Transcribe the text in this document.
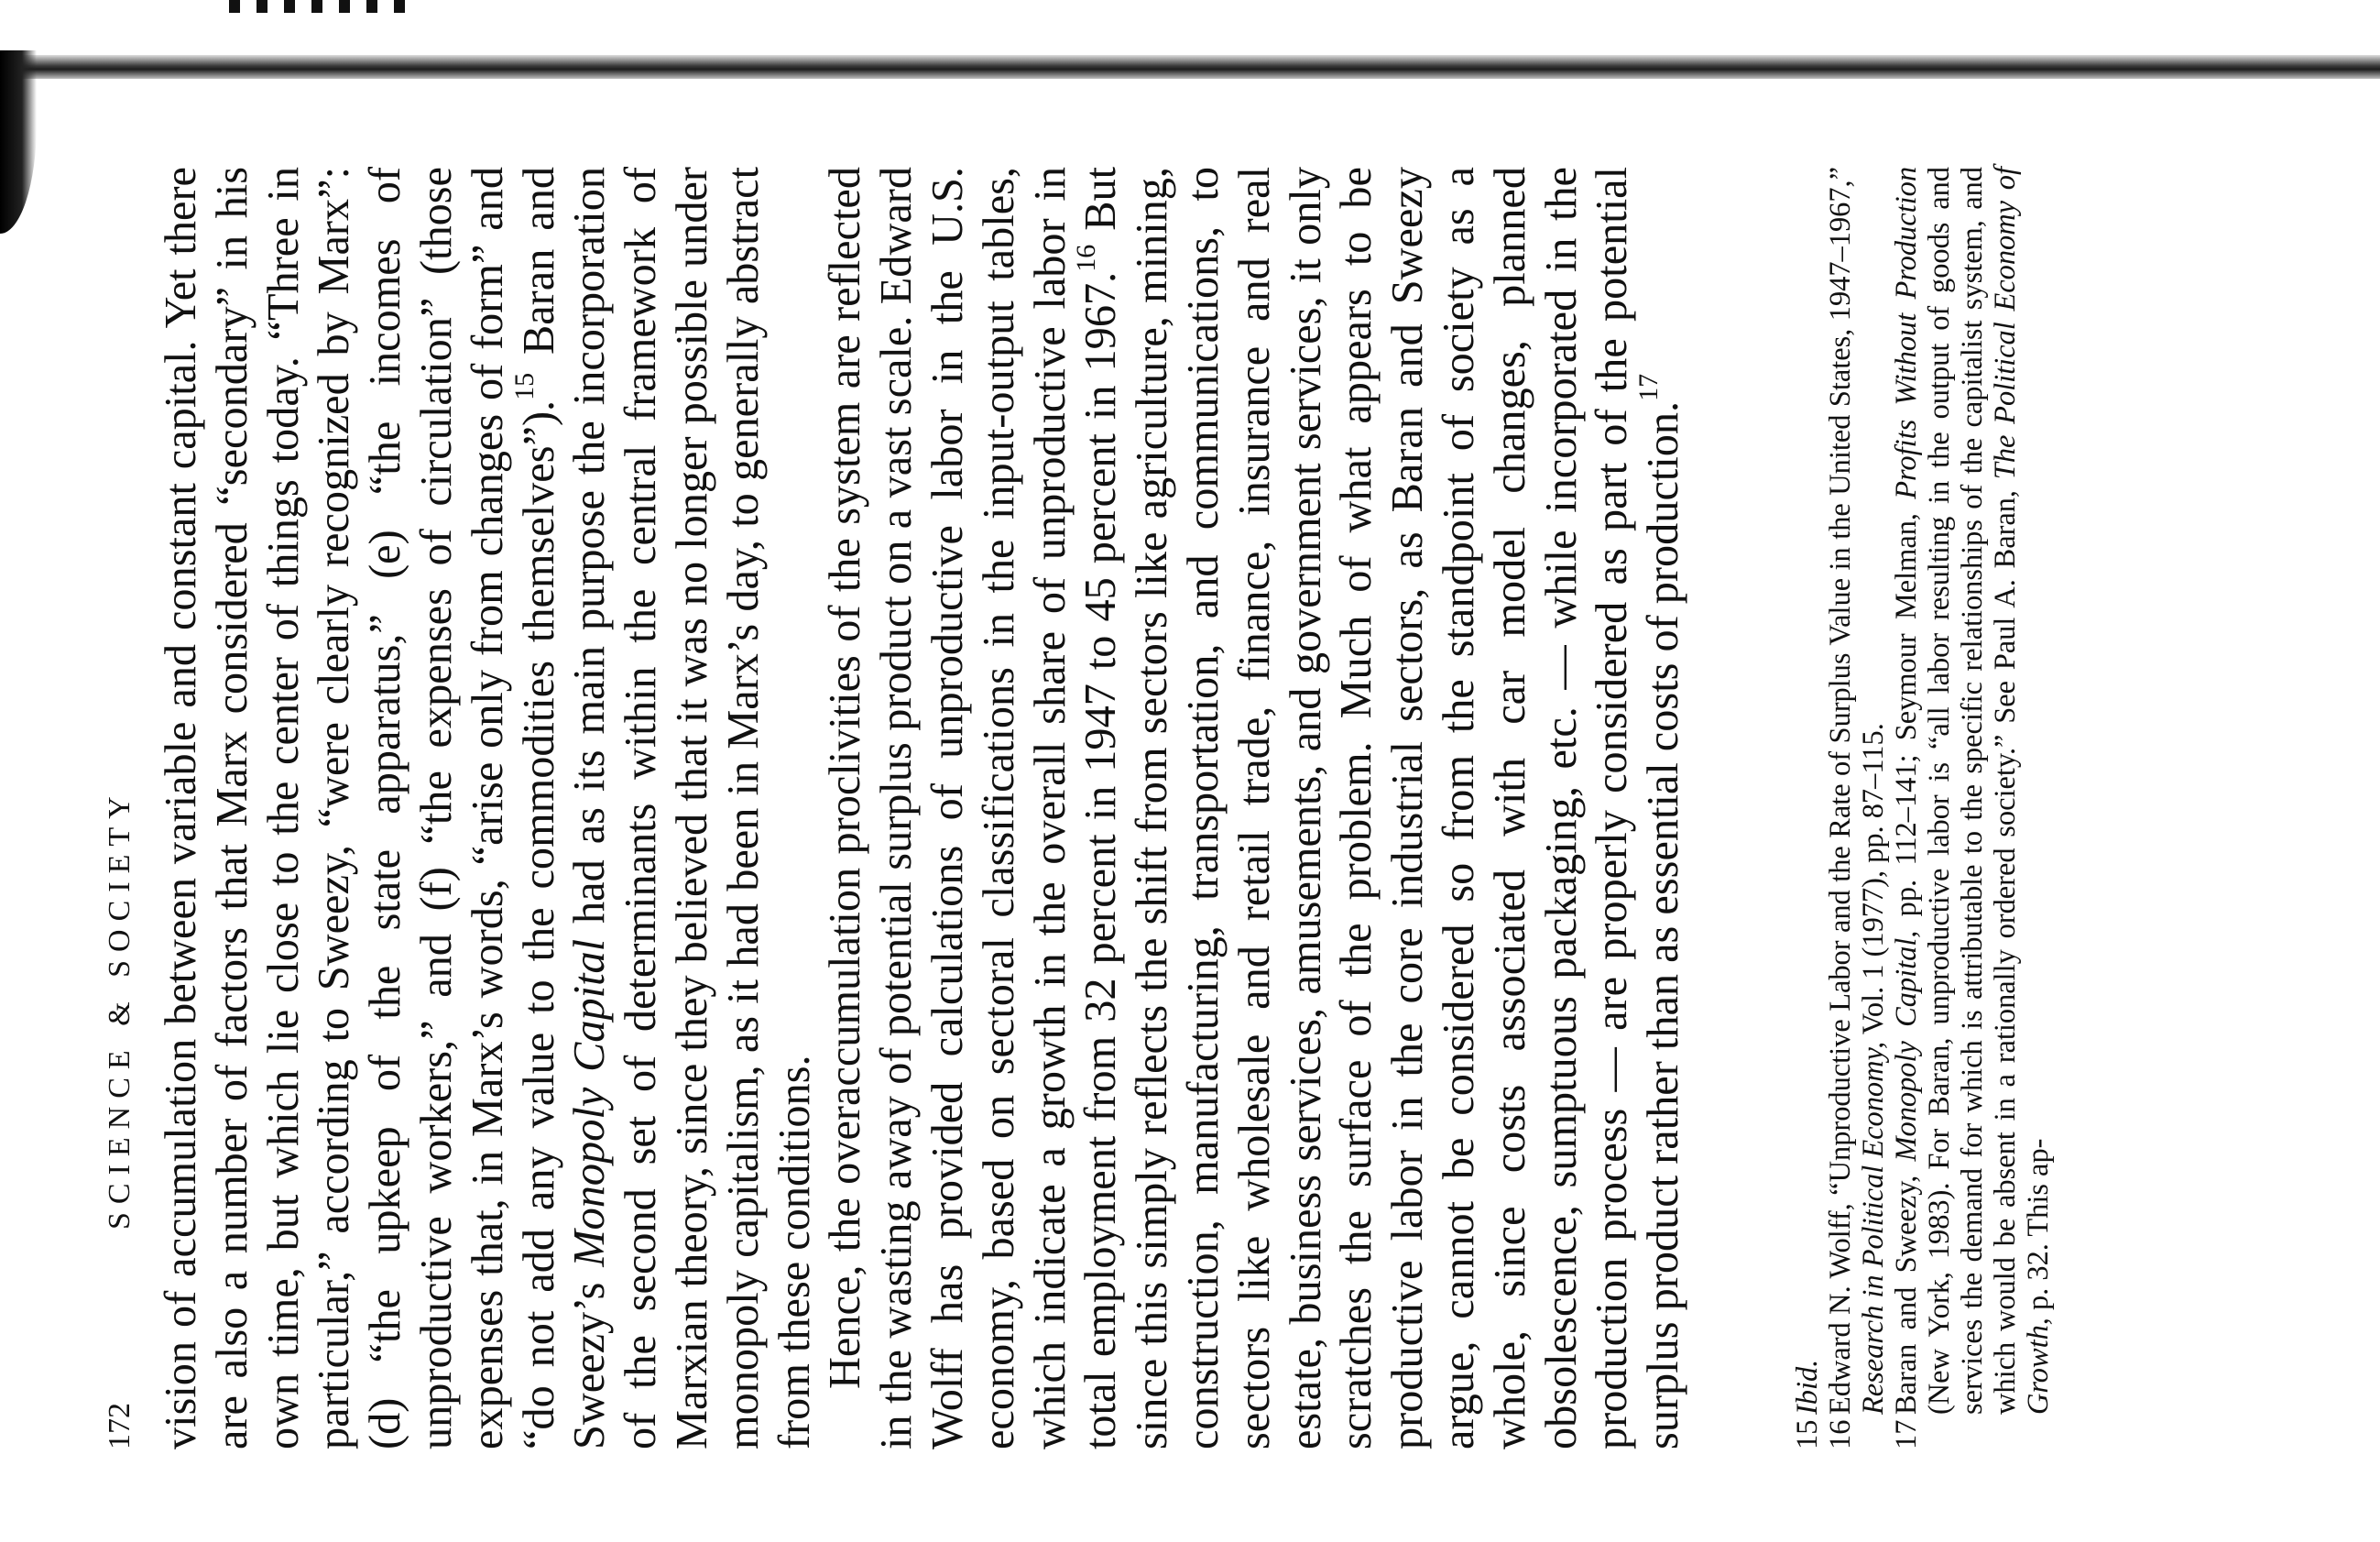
172
SCIENCE & SOCIETY vision of accumulation between variable and constant capital. Yet there are also a number of factors that Marx considered “secondary” in his own time, but which lie close to the center of things today. “Three in particular,” according to Sweezy, “were clearly recognized by Marx”: (d) “the upkeep of the state apparatus,” (e) “the incomes of unproductive workers,” and (f) “the expenses of circulation” (those expenses that, in Marx’s words, “arise only from changes of form” and “do not add any value to the commodities themselves”).$^{15}$ Baran and Sweezy’s Monopoly Capital had as its main purpose the incorporation of the second set of determinants within the central framework of Marxian theory, since they believed that it was no longer possible under monopoly capitalism, as it had been in Marx’s day, to generally abstract from these conditions. Hence, the overaccumulation proclivities of the system are reflected in the wasting away of potential surplus product on a vast scale. Edward Wolff has provided calculations of unproductive labor in the U.S. economy, based on sectoral classifications in the input-output tables, which indicate a growth in the overall share of unproductive labor in total employment from 32 percent in 1947 to 45 percent in 1967.16 But since this simply reflects the shift from sectors like agriculture, mining, construction, manufacturing, transportation, and communications, to sectors like wholesale and retail trade, finance, insurance and real estate, business services, amusements, and government services, it only scratches the surface of the problem. Much of what appears to be productive labor in the core industrial sectors, as Baran and Sweezy argue, cannot be considered so from the standpoint of society as a whole, since costs associated with car model changes, planned obsolescence, sumptuous packaging, etc. — while incorporated in the production process — are properly considered as part of the potential surplus product rather than as essential costs of production.$^{17}$

15
Ibid.
16
Edward N. Wolff, “Unproductive Labor and the Rate of Surplus Value in the United States, 1947–1967,” Research in Political Economy, Vol. 1 (1977), pp. 87–115.
17
Baran and Sweezy, Monopoly Capital, pp. 112–141; Seymour Melman, Profits Without Production (New York, 1983). For Baran, unproductive labor is “all labor resulting in the output of goods and services the demand for which is attributable to the specific relationships of the capitalist system, and which would be absent in a rationally ordered society.” See Paul A. Baran, The Political Economy of Growth, p. 32. This ap-
